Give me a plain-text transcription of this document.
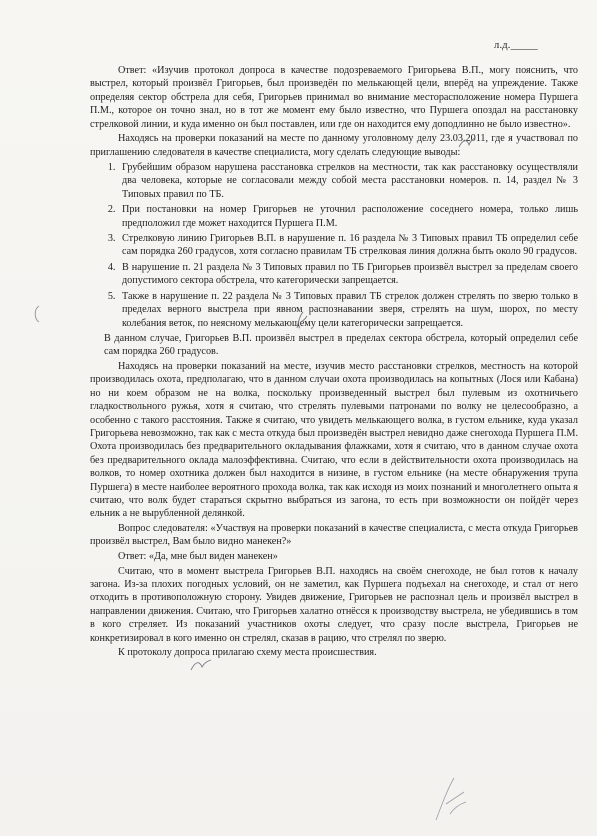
л.д._____

Ответ: «Изучив протокол допроса в качестве подозреваемого Григорьева В.П., могу пояснить, что выстрел, который произвёл Григорьев, был произведён по мелькающей цели, вперёд на упреждение. Также определяя сектор обстрела для себя, Григорьев принимал во внимание месторасположение номера Пуршега П.М., которое он точно знал, но в тот же момент ему было известно, что Пуршега опоздал на расстановку стрелковой линии, и куда именно он был поставлен, или где он находится ему доподлинно не было известно».

Находясь на проверки показаний на месте по данному уголовному делу 23.03.2011, где я участвовал по приглашению следователя в качестве специалиста, могу сделать следующие выводы:

1. Грубейшим образом нарушена расстановка стрелков на местности, так как расстановку осуществляли два человека, которые не согласовали между собой места расстановки номеров. п. 14, раздел № 3 Типовых правил по ТБ.
2. При постановки на номер Григорьев не уточнил расположение соседнего номера, только лишь предположил где может находится Пуршега П.М.
3. Стрелковую линию Григорьев В.П. в нарушение п. 16 раздела № 3 Типовых правил ТБ определил себе сам порядка 260 градусов, хотя согласно правилам ТБ стрелковая линия должна быть около 90 градусов.
4. В нарушение п. 21 раздела № 3 Типовых правил по ТБ Григорьев произвёл выстрел за пределам своего допустимого сектора обстрела, что категорически запрещается.
5. Также в нарушение п. 22 раздела № 3 Типовых правил ТБ стрелок должен стрелять по зверю только в пределах верного выстрела при явном распознавании зверя, стрелять на шум, шорох, по месту колебания веток, по неясному мелькающему цели категорически запрещается.

В данном случае, Григорьев В.П. произвёл выстрел в пределах сектора обстрела, который определил себе сам порядка 260 градусов.

Находясь на проверки показаний на месте, изучив место расстановки стрелков, местность на которой производилась охота, предполагаю, что в данном случаи охота производилась на копытных (Лося или Кабана) но ни коем образом не на волка, поскольку произведенный выстрел был пулевым из охотничьего гладкоствольного ружья, хотя я считаю, что стрелять пулевыми патронами по волку не целесообразно, а особенно с такого расстояния. Также я считаю, что увидеть мелькающего волка, в густом ельнике, куда указал Григорьева невозможно, так как с места откуда был произведён выстрел невидно даже снегохода Пуршега П.М. Охота производилась без предварительного окладывания флажками, хотя я считаю, что в данном случае охота без предварительного оклада малоэффективна. Считаю, что если в действительности охота производилась на волков, то номер охотника должен был находится в низине, в густом ельнике (на месте обнаружения трупа Пуршега) в месте наиболее вероятного прохода волка, так как исходя из моих познаний и многолетнего опыта я считаю, что волк будет стараться скрытно выбраться из загона, то есть при возможности он пойдёт через ельник а не вырубленной делянкой.

Вопрос следователя: «Участвуя на проверки показаний в качестве специалиста, с места откуда Григорьев произвёл выстрел, Вам было видно манекен?»

Ответ: «Да, мне был виден манекен»

Считаю, что в момент выстрела Григорьев В.П. находясь на своём снегоходе, не был готов к началу загона. Из-за плохих погодных условий, он не заметил, как Пуршега подъехал на снегоходе, и стал от него отходить в противоположную сторону. Увидев движение, Григорьев не распознал цель и произвёл выстрел в направлении движения. Считаю, что Григорьев халатно отнёсся к производству выстрела, не убедившись в том в кого стреляет. Из показаний участников охоты следует, что сразу после выстрела, Григорьев не конкретизировал в кого именно он стрелял, сказав в рацию, что стрелял по зверю.

К протоколу допроса прилагаю схему места происшествия.
